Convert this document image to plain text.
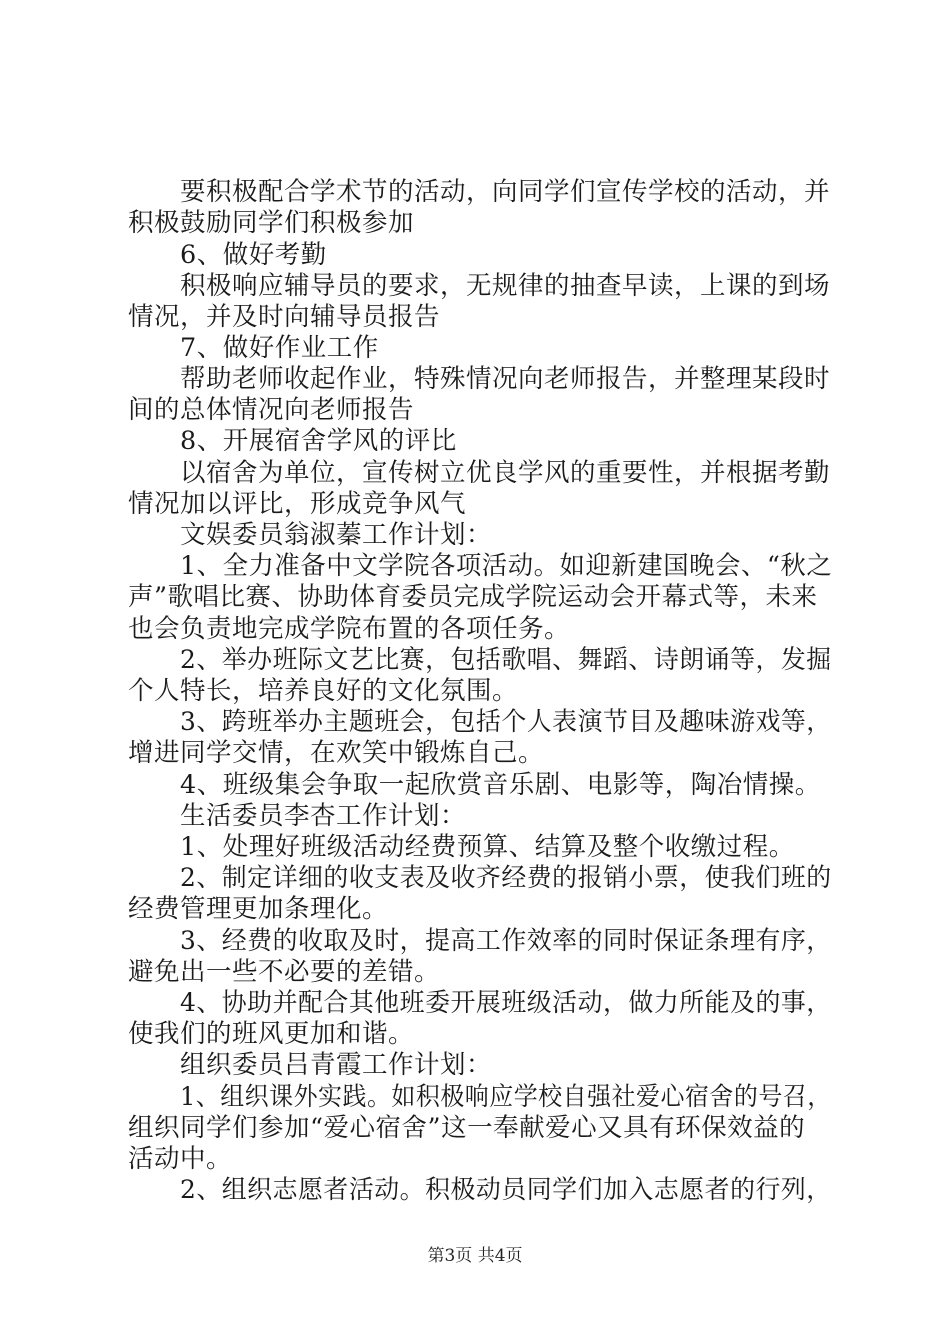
要积极配合学术节的活动，向同学们宣传学校的活动，并
积极鼓励同学们积极参加
6、做好考勤
积极响应辅导员的要求，无规律的抽查早读，上课的到场
情况，并及时向辅导员报告
7、做好作业工作
帮助老师收起作业，特殊情况向老师报告，并整理某段时
间的总体情况向老师报告
8、开展宿舍学风的评比
以宿舍为单位，宣传树立优良学风的重要性，并根据考勤
情况加以评比，形成竞争风气
文娱委员翁淑蓁工作计划：
1、全力准备中文学院各项活动。如迎新建国晚会、“秋之
声”歌唱比赛、协助体育委员完成学院运动会开幕式等，未来
也会负责地完成学院布置的各项任务。
2、举办班际文艺比赛，包括歌唱、舞蹈、诗朗诵等，发掘
个人特长，培养良好的文化氛围。
3、跨班举办主题班会，包括个人表演节目及趣味游戏等，
增进同学交情，在欢笑中锻炼自己。
4、班级集会争取一起欣赏音乐剧、电影等，陶冶情操。
生活委员李杏工作计划：
1、处理好班级活动经费预算、结算及整个收缴过程。
2、制定详细的收支表及收齐经费的报销小票，使我们班的
经费管理更加条理化。
3、经费的收取及时，提高工作效率的同时保证条理有序，
避免出一些不必要的差错。
4、协助并配合其他班委开展班级活动，做力所能及的事，
使我们的班风更加和谐。
组织委员吕青霞工作计划：
1、组织课外实践。如积极响应学校自强社爱心宿舍的号召，
组织同学们参加“爱心宿舍”这一奉献爱心又具有环保效益的
活动中。
2、组织志愿者活动。积极动员同学们加入志愿者的行列，
第3页 共4页
